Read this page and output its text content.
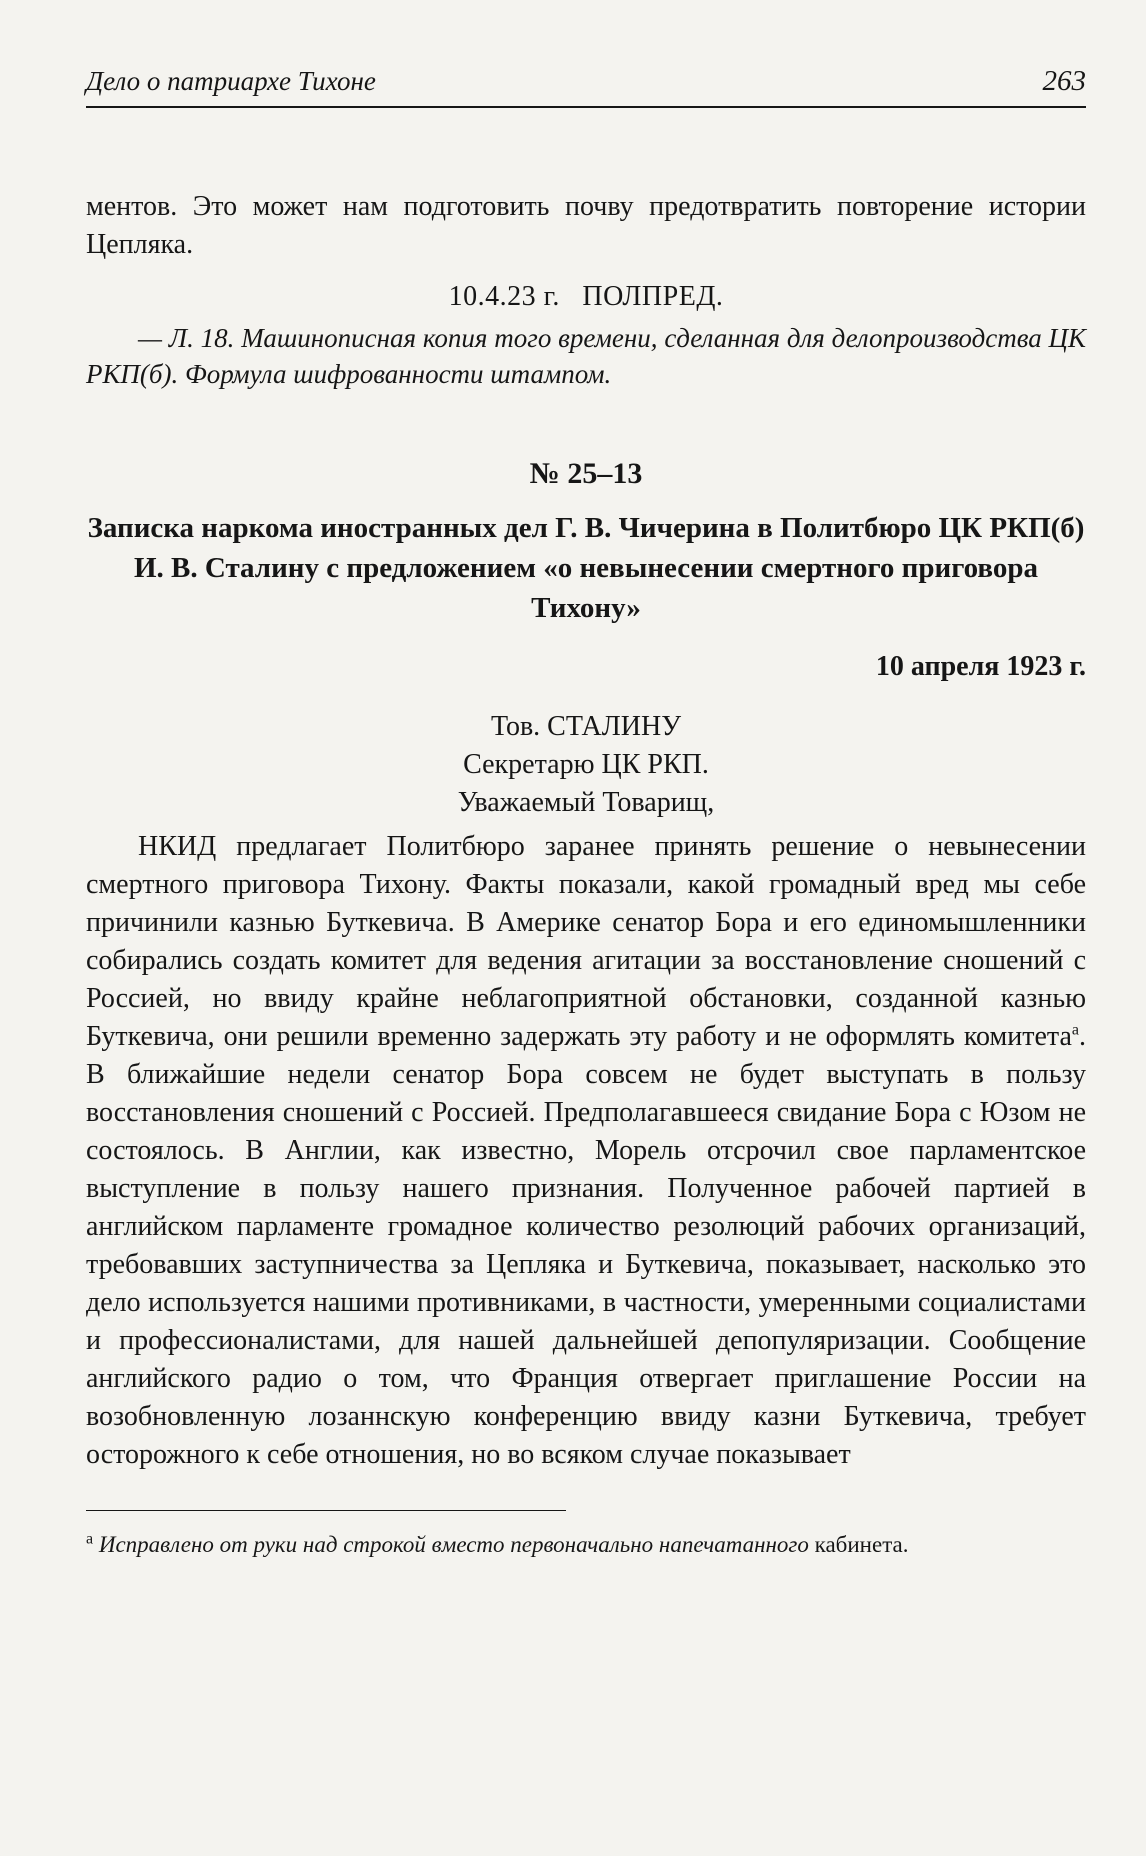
Дело о патриархе Тихоне	263

ментов. Это может нам подготовить почву предотвратить повторение истории Цепляка.

10.4.23 г.   ПОЛПРЕД.

— Л. 18. Машинописная копия того времени, сделанная для делопроизводства ЦК РКП(б). Формула шифрованности штампом.

№ 25–13

Записка наркома иностранных дел Г. В. Чичерина в Политбюро ЦК РКП(б) И. В. Сталину с предложением «о невынесении смертного приговора Тихону»

10 апреля 1923 г.

Тов. СТАЛИНУ

Секретарю ЦК РКП.

Уважаемый Товарищ,

НКИД предлагает Политбюро заранее принять решение о невынесении смертного приговора Тихону. Факты показали, какой громадный вред мы себе причинили казнью Буткевича. В Америке сенатор Бора и его единомышленники собирались создать комитет для ведения агитации за восстановление сношений с Россией, но ввиду крайне неблагоприятной обстановки, созданной казнью Буткевича, они решили временно задержать эту работу и не оформлять комитета$^а$. В ближайшие недели сенатор Бора совсем не будет выступать в пользу восстановления сношений с Россией. Предполагавшееся свидание Бора с Юзом не состоялось. В Англии, как известно, Морель отсрочил свое парламентское выступление в пользу нашего признания. Полученное рабочей партией в английском парламенте громадное количество резолюций рабочих организаций, требовавших заступничества за Цепляка и Буткевича, показывает, насколько это дело используется нашими противниками, в частности, умеренными социалистами и профессионалистами, для нашей дальнейшей депопуляризации. Сообщение английского радио о том, что Франция отвергает приглашение России на возобновленную лозаннскую конференцию ввиду казни Буткевича, требует осторожного к себе отношения, но во всяком случае показывает

$^а$ Исправлено от руки над строкой вместо первоначально напечатанного кабинета.
